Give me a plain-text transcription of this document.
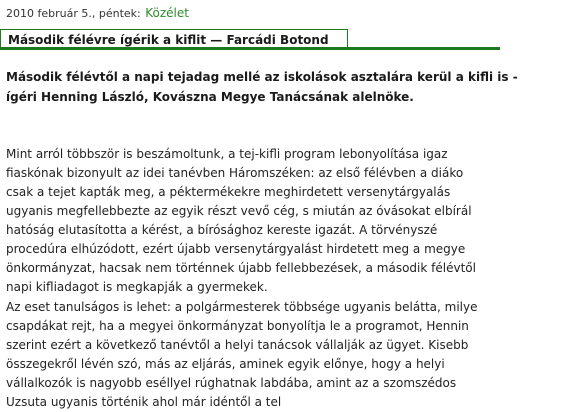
2010 február 5., péntek: Közélet
Második félévre ígérik a kiflit — Farcádi Botond
Második félévtől a napi tejadag mellé az iskolások asztalára kerül a kifli is -
ígéri Henning László, Kovászna Megye Tanácsának alelnöke.
Mint arról többször is beszámoltunk, a tej-kifli program lebonyolítása igaz
fiaskónak bizonyult az idei tanévben Háromszéken: az első félévben a diáko
csak a tejet kapták meg, a péktermékekre meghirdetett versenytárgyalás
ugyanis megfellebbezte az egyik részt vevő cég, s miután az óvásokat elbírál
hatóság elutasította a kérést, a bírósághoz kereste igazát. A törvényszé
procedúra elhúzódott, ezért újabb versenytárgyalást hirdetett meg a megye
önkormányzat, hacsak nem történnek újabb fellebbezések, a második félévtől
napi kifliadagot is megkapják a gyermekek.
Az eset tanulságos is lehet: a polgármesterek többsége ugyanis belátta, milye
csapdákat rejt, ha a megyei önkormányzat bonyolítja le a programot, Hennin
szerint ezért a következő tanévtől a helyi tanácsok vállalják az ügyet. Kisebb
összegekről lévén szó, más az eljárás, aminek egyik előnye, hogy a helyi
vállalkozók is nagyobb eséllyel rúghatnak labdába, amint az a szomszédos
Uzsuta ugyanis történik ahol már idéntől a tel
